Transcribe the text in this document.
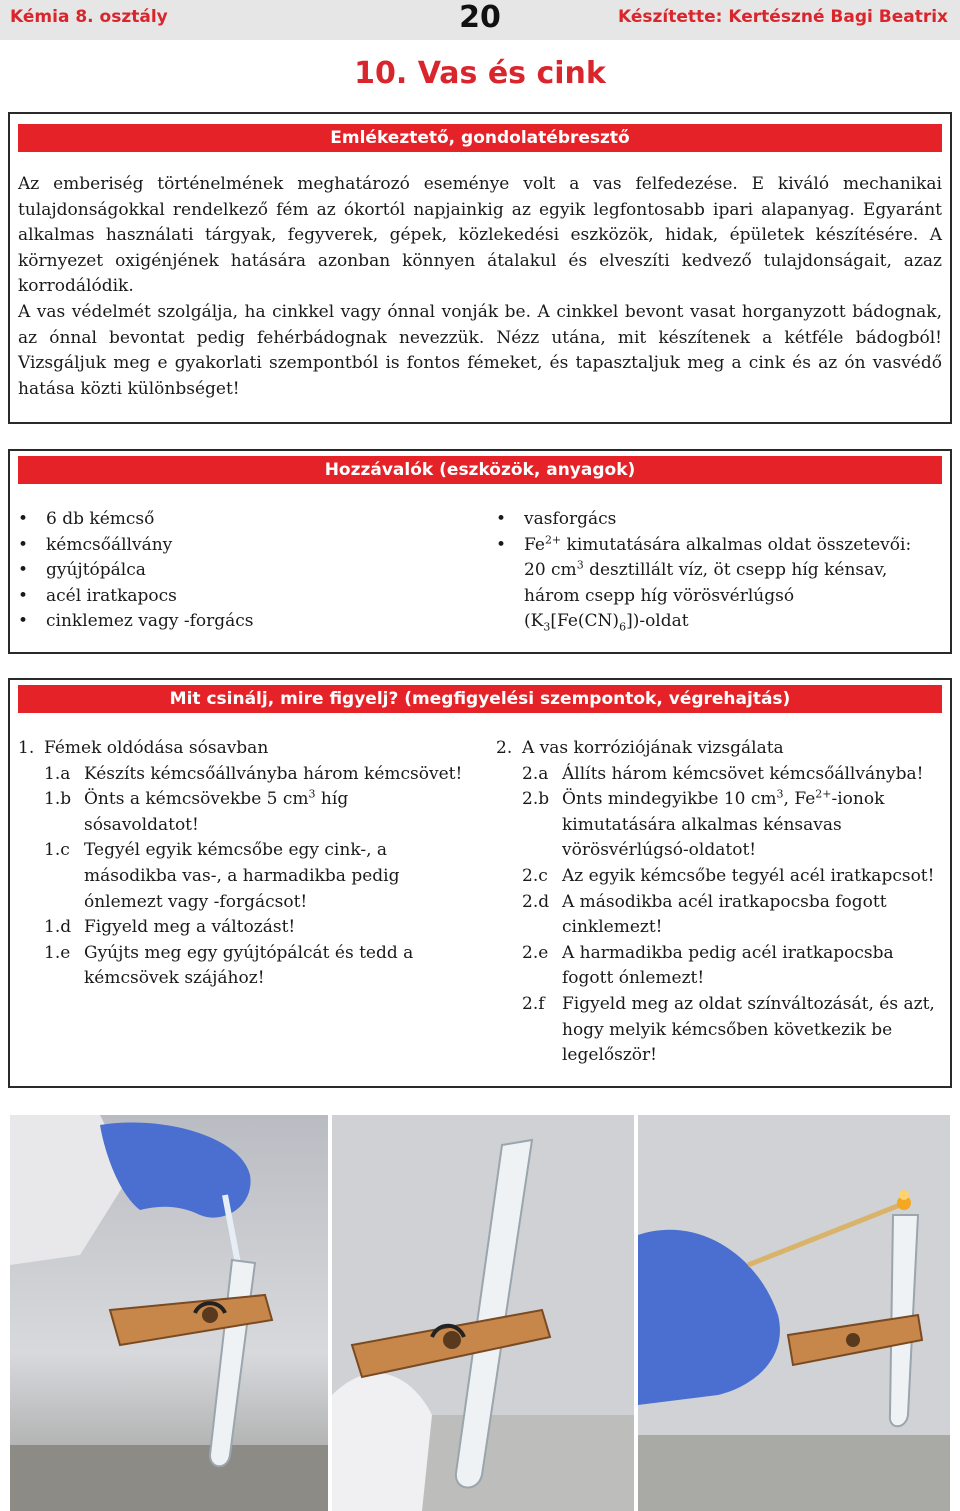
Kémia 8. osztály	20	Készítette: Kertészné Bagi Beatrix
10. Vas és cink
Emlékeztető, gondolatébresztő

Az emberiség történelmének meghatározó eseménye volt a vas felfedezése. E kiváló mechanikai tulajdonságokkal rendelkező fém az ókortól napjainkig az egyik legfontosabb ipari alapanyag. Egyaránt alkalmas használati tárgyak, fegyverek, gépek, közlekedési eszközök, hidak, épületek készítésére. A környezet oxigénjének hatására azonban könnyen átalakul és elveszíti kedvező tulajdonságait, azaz korrodálódik.

A vas védelmét szolgálja, ha cinkkel vagy ónnal vonják be. A cinkkel bevont vasat horganyzott bádognak, az ónnal bevontat pedig fehérbádognak nevezzük. Nézz utána, mit készítenek a kétféle bádogból! Vizsgáljuk meg e gyakorlati szempontból is fontos fémeket, és tapasztaljuk meg a cink és az ón vasvédő hatása közti különbséget!

Hozzávalók (eszközök, anyagok)
• 6 db kémcső
• kémcsőállvány
• gyújtópálca
• acél iratkapocs
• cinklemez vagy -forgács
• vasforgács
• $Fe^{2+}$ kimutatására alkalmas oldat összetevői:
20 $cm^3$ desztillált víz, öt csepp híg kénsav,
három csepp híg vörösvérlúgsó
$(K_3[Fe(CN)_6])$-oldat
Mit csinálj, mire figyelj? (megfigyelési szempontok, végrehajtás)
1. Fémek oldódása sósavban
1.a Készíts kémcsőállványba három kémcsövet!
1.b Önts a kémcsövekbe 5 $cm^3$ híg sósavoldatot!
1.c Tegyél egyik kémcsőbe egy cink-, a másodikba vas-, a harmadikba pedig ónlemezt vagy -forgácsot!
1.d Figyeld meg a változást!
1.e Gyújts meg egy gyújtópálcát és tedd a kémcsövek szájához!
2. A vas korróziójának vizsgálata
2.a Állíts három kémcsövet kémcsőállványba!
2.b Önts mindegyikbe 10 $cm^3$, $Fe^{2+}$-ionok kimutatására alkalmas kénsavas vörösvérlúgsó-oldatot!
2.c Az egyik kémcsőbe tegyél acél iratkapcsot!
2.d A másodikba acél iratkapocsba fogott cinklemezt!
2.e A harmadikba pedig acél iratkapocsba fogott ónlemezt!
2.f Figyeld meg az oldat színváltozását, és azt, hogy melyik kémcsőben következik be legelőször!
